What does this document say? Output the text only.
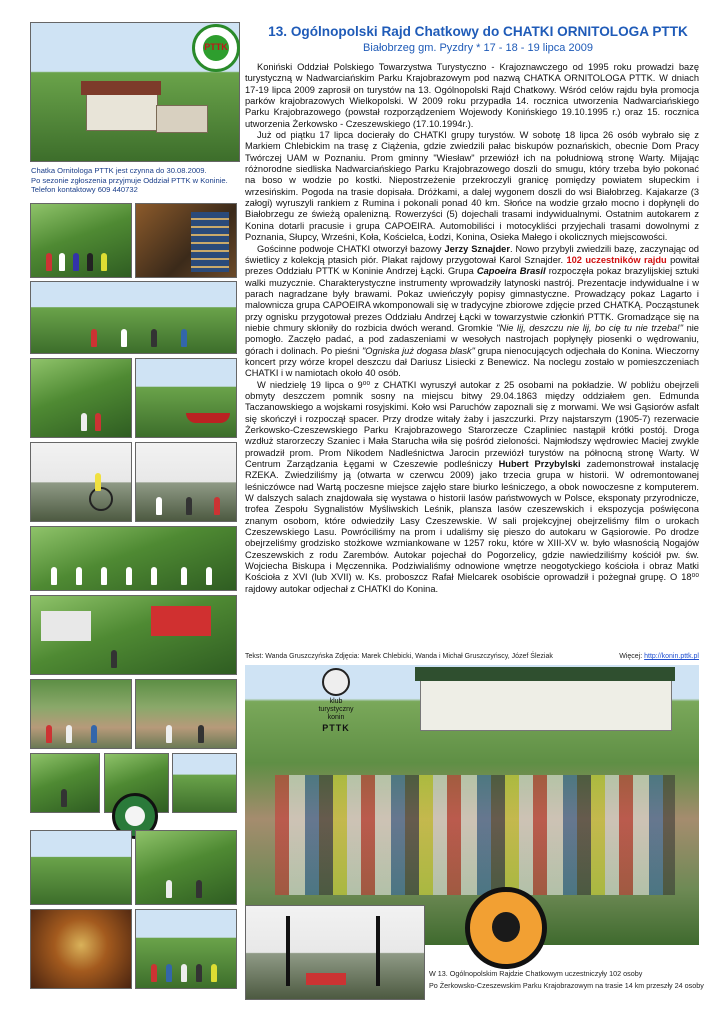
PTTK
Chatka Ornitologa PTTK jest czynna do 30.08.2009.
Po sezonie zgłoszenia przyjmuje Oddział PTTK w Koninie.
Telefon kontaktowy 609 440732
13. Ogólnopolski Rajd Chatkowy do CHATKI ORNITOLOGA PTTK
Białobrzeg gm. Pyzdry * 17 - 18 - 19 lipca 2009

Koniński Oddział Polskiego Towarzystwa Turystyczno - Krajoznawczego od 1995 roku prowadzi bazę turystyczną w Nadwarciańskim Parku Krajobrazowym pod nazwą CHATKA ORNITOLOGA PTTK. W dniach 17-19 lipca 2009 zaprosił on turystów na 13. Ogólnopolski Rajd Chatkowy. Wśród celów rajdu była promocja parków krajobrazowych Wielkopolski. W 2009 roku przypadła 14. rocznica utworzenia Nadwarciańskiego Parku Krajobrazowego (powstał rozporządzeniem Wojewody Konińskiego 19.10.1995 r.) oraz 15. rocznica utworzenia Żerkowsko - Czeszewskiego (17.10.1994r.).

Już od piątku 17 lipca docierały do CHATKI grupy turystów. W sobotę 18 lipca 26 osób wybrało się z Markiem Chlebickim na trasę z Ciążenia, gdzie zwiedzili pałac biskupów poznańskich, obecnie Dom Pracy Twórczej UAM w Poznaniu. Prom gminny "Wiesław" przewiózł ich na południową stronę Warty. Mijając różnorodne siedliska Nadwarciańskiego Parku Krajobrazowego doszli do smugu, który trzeba było pokonać na boso w wodzie po kostki. Niepostrzeżenie przekroczyli granicę pomiędzy powiatem słupeckim i wrzesińskim. Pogoda na trasie dopisała. Dróżkami, a dalej wygonem doszli do wsi Białobrzeg. Kajakarze (3 załogi) wyruszyli rankiem z Rumina i pokonali ponad 40 km. Słońce na wodzie grzało mocno i dopłynęli do Białobrzegu ze świeżą opalenizną. Rowerzyści (5) dojechali trasami indywidualnymi. Ostatnim autokarem z Konina dotarli pracusie i grupa CAPOEIRA. Automobiliści i motocykliści przyjechali trasami dowolnymi z Poznania, Słupcy, Wrześni, Koła, Kościelca, Łodzi, Konina, Osieka Małego i okolicznych miejscowości.

Gościnne podwoje CHATKI otworzył bazowy Jerzy Sznajder. Nowo przybyli zwiedzili bazę, zaczynając od świetlicy z kolekcją ptasich piór. Plakat rajdowy przygotował Karol Sznajder. 102 uczestników rajdu powitał prezes Oddziału PTTK w Koninie Andrzej Łącki. Grupa Capoeira Brasil rozpoczęła pokaz brazylijskiej sztuki walki muzycznie. Charakterystyczne instrumenty wprowadziły latynoski nastrój. Prezentacje indywidualne i w parach nagradzane były brawami. Pokaz uwieńczyły popisy gimnastyczne. Prowadzący pokaz Lagarto i malownicza grupa CAPOEIRA wkomponowali się w tradycyjne zbiorowe zdjęcie przed CHATKĄ. Począstunek przy ognisku przygotował prezes Oddziału Andrzej Łącki w towarzystwie członkiń PTTK. Gromadzące się na niebie chmury skłoniły do rozbicia dwóch werand. Gromkie "Nie lij, deszczu nie lij, bo cię tu nie trzeba!" nie pomogło. Zaczęło padać, a pod zadaszeniami w wesołych nastrojach popłynęły piosenki o wędrowaniu, górach i dolinach. Po pieśni "Ogniska już dogasa blask" grupa nienocujących odjechała do Konina. Wieczorny koncert przy wórze kropel deszczu dał Dariusz Lisiecki z Benewicz. Na noclegu zostało w pomieszczeniach CHATKI i w namiotach około 40 osób.

W niedzielę 19 lipca o 9⁰⁰ z CHATKI wyruszył autokar z 25 osobami na pokładzie. W pobliżu obejrzeli obmyty deszczem pomnik sosny na miejscu bitwy 29.04.1863 między oddziałem gen. Edmunda Taczanowskiego a wojskami rosyjskimi. Koło wsi Paruchów zapoznali się z morwami. We wsi Gąsiorów asfalt się skończył i rozpoczął spacer. Przy drodze witały żaby i jaszczurki. Przy najstarszym (1905-7) rezerwacie Żerkowsko-Czeszewskiego Parku Krajobrazowego Starorzecze Czapliniec nastąpił krótki postój. Droga wzdłuż starorzeczy Szaniec i Mała Starucha wiła się pośród zieloności. Najmłodszy wędrowiec Maciej zwykle prowadził prom. Prom Nikodem Nadleśnictwa Jarocin przewiózł turystów na północną stronę Warty. W Centrum Zarządzania Łęgami w Czeszewie podleśniczy Hubert Przybylski zademonstrował instalację RZEKA. Zwiedziliśmy ją (otwarta w czerwcu 2009) jako trzecia grupa w historii. W odremontowanej leśniczówce nad Wartą poczesne miejsce zajęło stare biurko leśniczego, a obok nowoczesne z komputerem. W dalszych salach znajdowała się wystawa o historii lasów państwowych w Polsce, eksponaty przyrodnicze, trofea Zespołu Sygnalistów Myśliwskich Leśnik, plansza lasów czeszewskich i ekspozycja poświęcona znanym osobom, które odwiedziły Lasy Czeszewskie. W sali projekcyjnej obejrzeliśmy film o urokach Czeszewskiego Lasu. Powróciliśmy na prom i udaliśmy się pieszo do autokaru w Gąsiorowie. Po drodze obejrzeliśmy grodzisko stożkowe wzmiankowane w 1257 roku, które w XIII-XV w. było własnością Nogajów Czeszewskich z rodu Zarembów. Autokar pojechał do Pogorzelicy, gdzie nawiedziliśmy kościół pw. św. Wojciecha Biskupa i Męczennika. Podziwialiśmy odnowione wnętrze neogotyckiego kościoła i obraz Matki Kościoła z XVI (lub XVII) w. Ks. proboszcz Rafał Mielcarek osobiście oprowadził i pożegnał grupę. O 18⁰⁰ rajdowy autokar odjechał z CHATKI do Konina.

Tekst: Wanda Gruszczyńska Zdjęcia: Marek Chlebicki, Wanda i Michał Gruszczyńscy, Józef Śleziak	Więcej: http://konin.pttk.pl
klub
turystyczny
konin
PTTK
W 13. Ogólnopolskim Rajdzie Chatkowym uczestniczyły 102 osoby
Po Żerkowsko-Czeszewskim Parku Krajobrazowym na trasie 14 km przeszły 24 osoby
